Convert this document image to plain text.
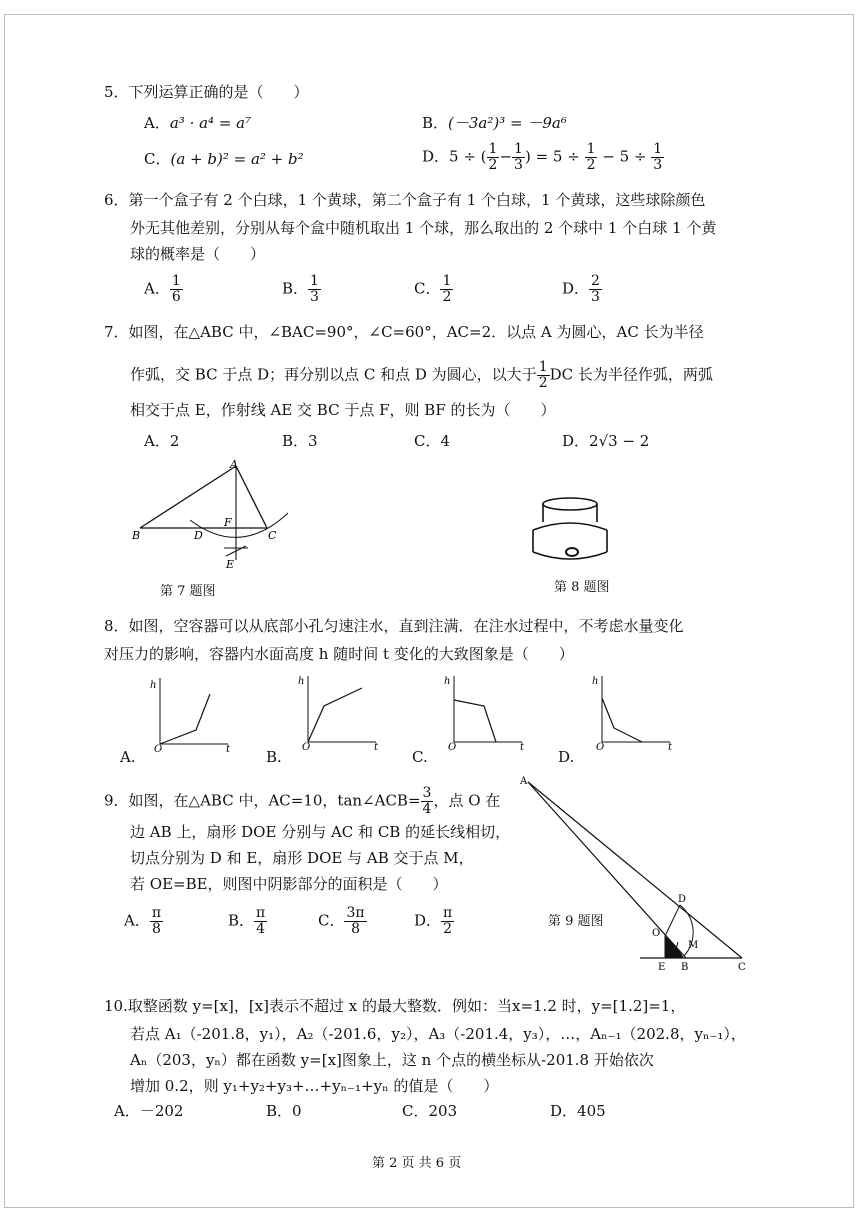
5．下列运算正确的是（　　）
A．a³ · a⁴ = a⁷	B．(－3a²)³ = －9a⁶
C．(a + b)² = a² + b²	D．5 ÷ ( $\frac{1}{2} - \frac{1}{3}$ ) = $5 \div \frac{1}{2} - 5 \div \frac{1}{3}$
6．第一个盒子有 2 个白球，1 个黄球，第二个盒子有 1 个白球，1 个黄球，这些球除颜色
外无其他差别，分别从每个盒中随机取出 1 个球，那么取出的 2 个球中 1 个白球 1 个黄
球的概率是（　　）
A． $\frac{1}{6}$	B． $\frac{1}{3}$	C． $\frac{1}{2}$	D． $\frac{2}{3}$
7．如图，在△ABC 中，∠BAC=90°，∠C=60°，AC=2．以点 A 为圆心，AC 长为半径
作弧，交 BC 于点 D；再分别以点 C 和点 D 为圆心，以大于 $\frac{1}{2}$ DC 长为半径作弧，两弧
相交于点 E，作射线 AE 交 BC 于点 F，则 BF 的长为（　　）
A．2	B．3	C．4	D．2√3 − 2
A
B	C
D
F
E
第 7 题图	第 8 题图
8．如图，空容器可以从底部小孔匀速注水，直到注满．在注水过程中，不考虑水量变化
对压力的影响，容器内水面高度 h 随时间 t 变化的大致图象是（　　）
A.
h
t
O	B.
h
t
O
C.
h
t
O
D.
h
t
O
9．如图，在△ABC 中，AC=10，tan∠ACB= $\frac{3}{4}$ ，点 O 在
边 AB 上，扇形 DOE 分别与 AC 和 CB 的延长线相切，
切点分别为 D 和 E，扇形 DOE 与 AB 交于点 M，
若 OE=BE，则图中阴影部分的面积是（　　）
A． $\frac{\pi}{8}$	B． $\frac{\pi}{4}$	C． $\frac{3\pi}{8}$	D． $\frac{\pi}{2}$	第 9 题图
A
D
O
M
E B	C
10.取整函数 y=[x]，[x]表示不超过 x 的最大整数．例如：当x=1.2 时，y=[1.2]=1，
若点 A₁（-201.8，y₁），A₂（-201.6，y₂），A₃（-201.4，y₃），…，Aₙ₋₁（202.8，yₙ₋₁），
Aₙ（203，yₙ）都在函数 y=[x]图象上，这 n 个点的横坐标从-201.8 开始依次
增加 0.2，则 y₁+y₂+y₃+…+yₙ₋₁+yₙ 的值是（　　）
A．－202	B．0	C．203	D．405
第 2 页 共 6 页
